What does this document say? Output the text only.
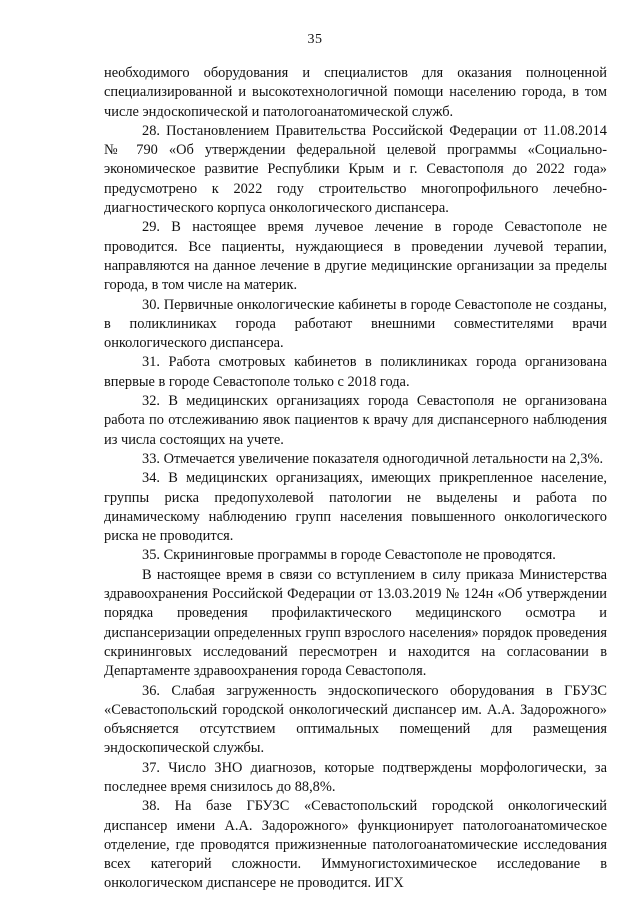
35

необходимого оборудования и специалистов для оказания полноценной специализированной и высокотехнологичной помощи населению города, в том числе эндоскопической и патологоанатомической служб.

28. Постановлением Правительства Российской Федерации от 11.08.2014 № 790 «Об утверждении федеральной целевой программы «Социально-экономическое развитие Республики Крым и г. Севастополя до 2022 года» предусмотрено к 2022 году строительство многопрофильного лечебно-диагностического корпуса онкологического диспансера.

29. В настоящее время лучевое лечение в городе Севастополе не проводится. Все пациенты, нуждающиеся в проведении лучевой терапии, направляются на данное лечение в другие медицинские организации за пределы города, в том числе на материк.

30. Первичные онкологические кабинеты в городе Севастополе не созданы, в поликлиниках города работают внешними совместителями врачи онкологического диспансера.

31. Работа смотровых кабинетов в поликлиниках города организована впервые в городе Севастополе только с 2018 года.

32. В медицинских организациях города Севастополя не организована работа по отслеживанию явок пациентов к врачу для диспансерного наблюдения из числа состоящих на учете.

33. Отмечается увеличение показателя одногодичной летальности на 2,3%.

34. В медицинских организациях, имеющих прикрепленное население, группы риска предопухолевой патологии не выделены и работа по динамическому наблюдению групп населения повышенного онкологического риска не проводится.

35. Скрининговые программы в городе Севастополе не проводятся.

В настоящее время в связи со вступлением в силу приказа Министерства здравоохранения Российской Федерации от 13.03.2019 № 124н «Об утверждении порядка проведения профилактического медицинского осмотра и диспансеризации определенных групп взрослого населения» порядок проведения скрининговых исследований пересмотрен и находится на согласовании в Департаменте здравоохранения города Севастополя.

36. Слабая загруженность эндоскопического оборудования в ГБУЗС «Севастопольский городской онкологический диспансер им. А.А. Задорожного» объясняется отсутствием оптимальных помещений для размещения эндоскопической службы.

37. Число ЗНО диагнозов, которые подтверждены морфологически, за последнее время снизилось до 88,8%.

38. На базе ГБУЗС «Севастопольский городской онкологический диспансер имени А.А. Задорожного» функционирует патологоанатомическое отделение, где проводятся прижизненные патологоанатомические исследования всех категорий сложности. Иммуногистохимическое исследование в онкологическом диспансере не проводится. ИГХ
